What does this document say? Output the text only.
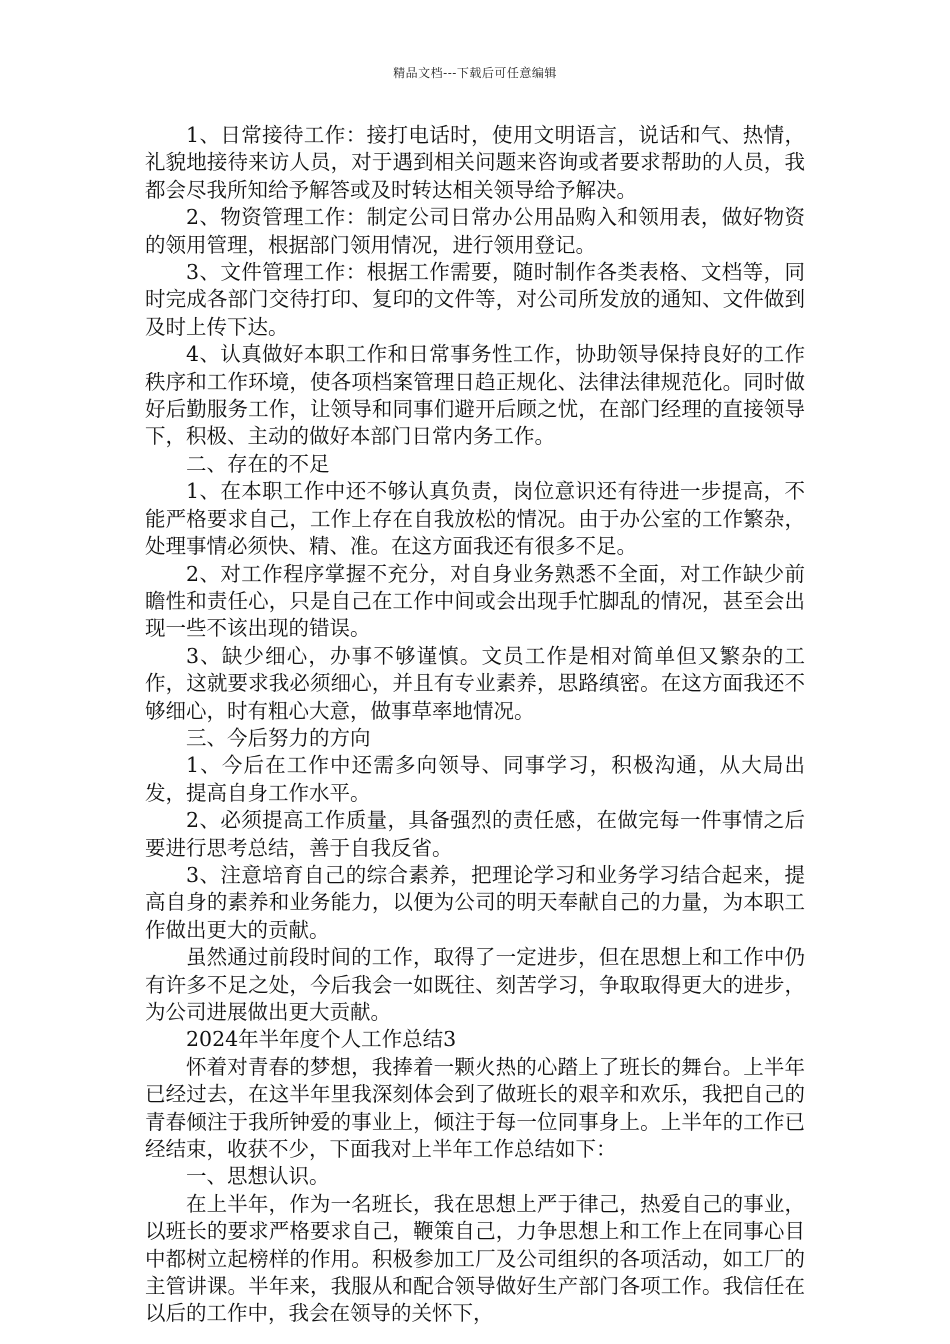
精品文档---下载后可任意编辑

1、日常接待工作：接打电话时，使用文明语言，说话和气、热情，礼貌地接待来访人员，对于遇到相关问题来咨询或者要求帮助的人员，我都会尽我所知给予解答或及时转达相关领导给予解决。

2、物资管理工作：制定公司日常办公用品购入和领用表，做好物资的领用管理，根据部门领用情况，进行领用登记。

3、文件管理工作：根据工作需要，随时制作各类表格、文档等，同时完成各部门交待打印、复印的文件等，对公司所发放的通知、文件做到及时上传下达。

4、认真做好本职工作和日常事务性工作，协助领导保持良好的工作秩序和工作环境，使各项档案管理日趋正规化、法律法律规范化。同时做好后勤服务工作，让领导和同事们避开后顾之忧，在部门经理的直接领导下，积极、主动的做好本部门日常内务工作。

二、存在的不足

1、在本职工作中还不够认真负责，岗位意识还有待进一步提高，不能严格要求自己，工作上存在自我放松的情况。由于办公室的工作繁杂，处理事情必须快、精、准。在这方面我还有很多不足。

2、对工作程序掌握不充分，对自身业务熟悉不全面，对工作缺少前瞻性和责任心，只是自己在工作中间或会出现手忙脚乱的情况，甚至会出现一些不该出现的错误。

3、缺少细心，办事不够谨慎。文员工作是相对简单但又繁杂的工作，这就要求我必须细心，并且有专业素养，思路缜密。在这方面我还不够细心，时有粗心大意，做事草率地情况。

三、今后努力的方向

1、今后在工作中还需多向领导、同事学习，积极沟通，从大局出发，提高自身工作水平。

2、必须提高工作质量，具备强烈的责任感，在做完每一件事情之后要进行思考总结，善于自我反省。

3、注意培育自己的综合素养，把理论学习和业务学习结合起来，提高自身的素养和业务能力，以便为公司的明天奉献自己的力量，为本职工作做出更大的贡献。

虽然通过前段时间的工作，取得了一定进步，但在思想上和工作中仍有许多不足之处，今后我会一如既往、刻苦学习，争取取得更大的进步，为公司进展做出更大贡献。

2024年半年度个人工作总结3

怀着对青春的梦想，我捧着一颗火热的心踏上了班长的舞台。上半年已经过去，在这半年里我深刻体会到了做班长的艰辛和欢乐，我把自己的青春倾注于我所钟爱的事业上，倾注于每一位同事身上。上半年的工作已经结束，收获不少，下面我对上半年工作总结如下：

一、思想认识。

在上半年，作为一名班长，我在思想上严于律己，热爱自己的事业，以班长的要求严格要求自己，鞭策自己，力争思想上和工作上在同事心目中都树立起榜样的作用。积极参加工厂及公司组织的各项活动，如工厂的主管讲课。半年来，我服从和配合领导做好生产部门各项工作。我信任在以后的工作中，我会在领导的关怀下，
